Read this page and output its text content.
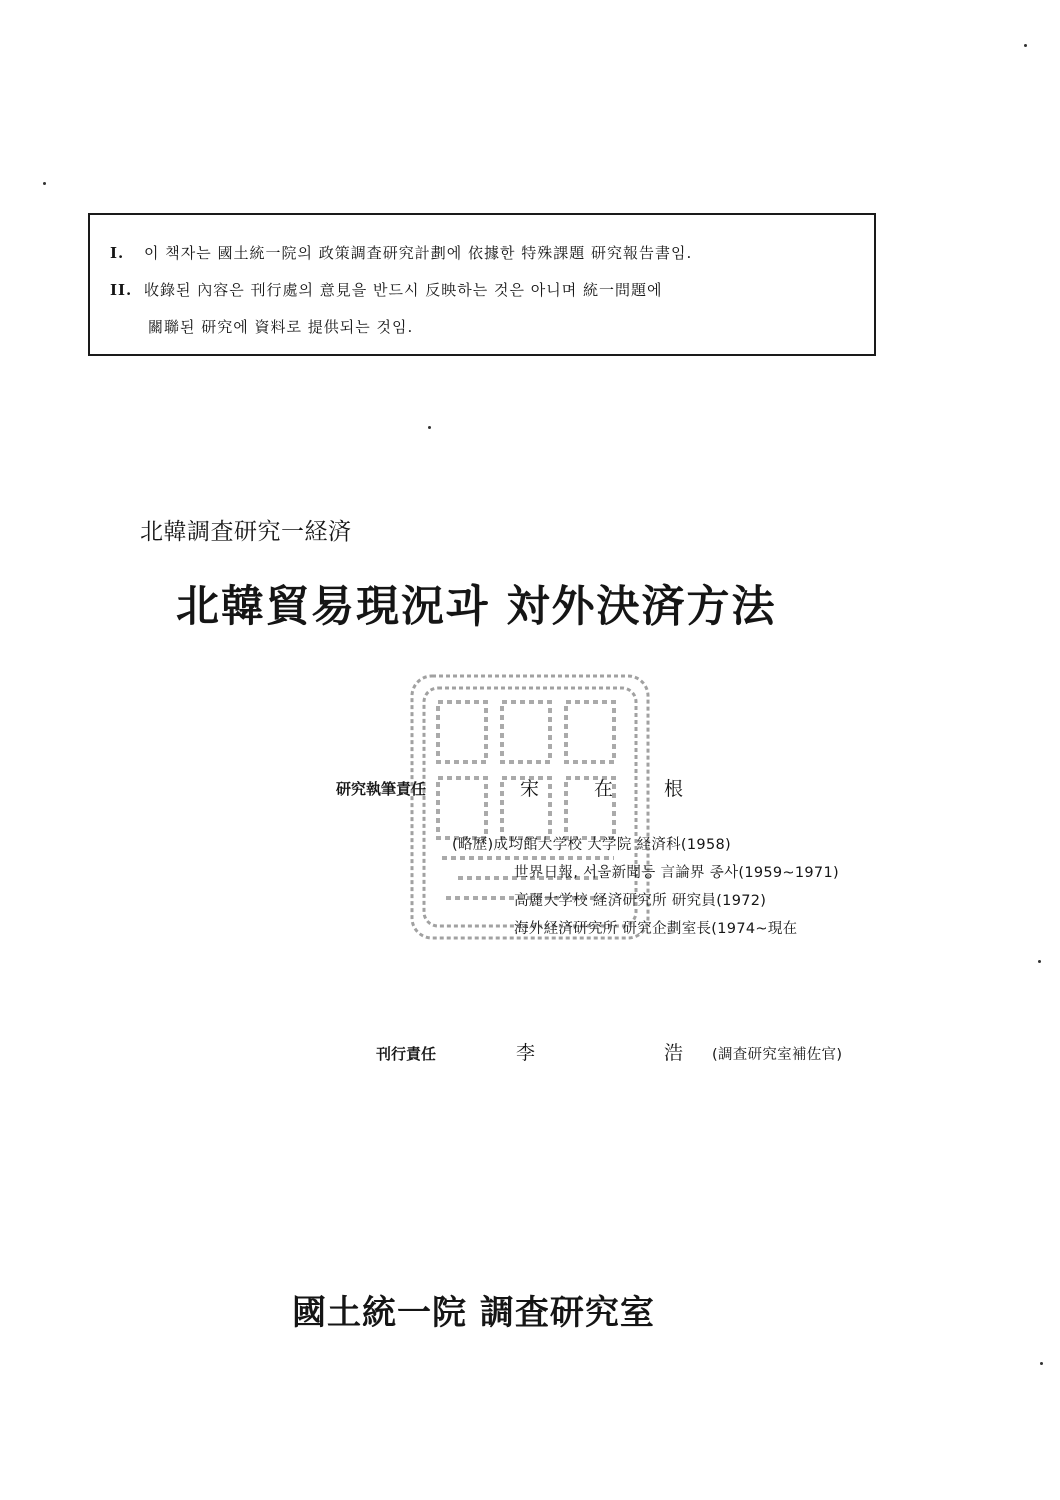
I. 이 책자는 國土統一院의 政策調査研究計劃에 依據한 特殊課題 研究報告書임.
II. 收錄된 內容은 刊行處의 意見을 반드시 反映하는 것은 아니며 統一問題에
關聯된 研究에 資料로 提供되는 것임.
北韓調査研究一経済
北韓貿易現況과 対外決済方法
研究執筆責任	宋	在	根
(略歷)成均館大学校 大学院 経済科(1958)
世界日報, 서울新聞등 言論界 종사(1959~1971)
高麗大学校 経済研究所 研究員(1972)
海外経済研究所 研究企劃室長(1974~現在
刊行責任	李	浩 (調査研究室補佐官)
國土統一院 調査研究室
